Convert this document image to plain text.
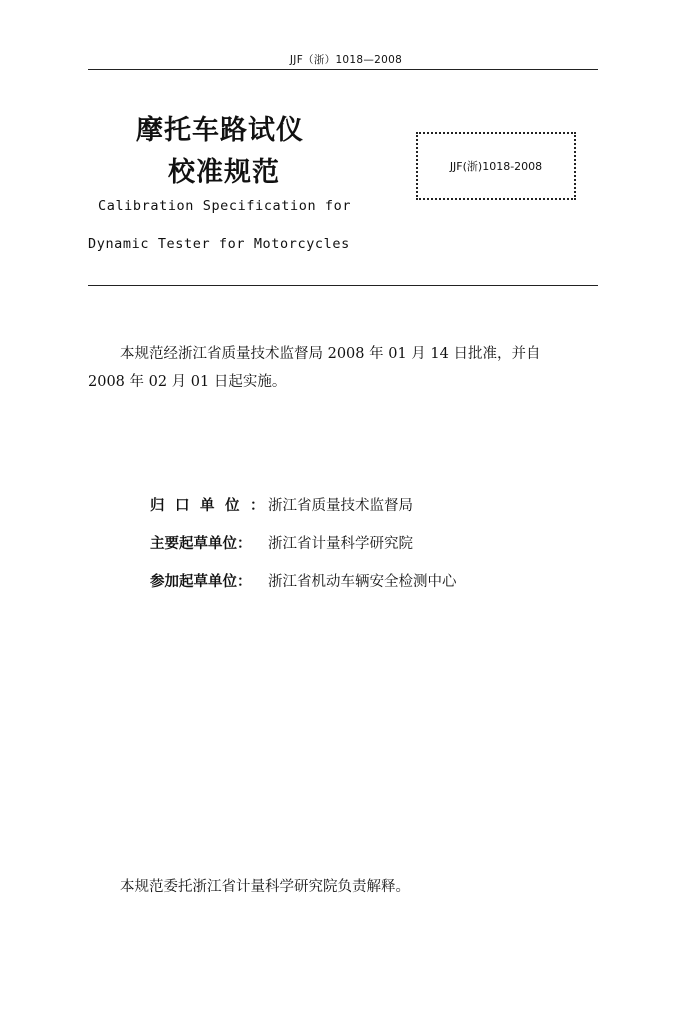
JJF（浙）1018—2008
摩托车路试仪
校准规范
Calibration Specification for
Dynamic Tester for Motorcycles
JJF(浙)1018-2008
本规范经浙江省质量技术监督局 2008 年 01 月 14 日批准，并自
2008 年 02 月 01 日起实施。
归口单位：
浙江省质量技术监督局
主要起草单位：	浙江省计量科学研究院
参加起草单位：	浙江省机动车辆安全检测中心
本规范委托浙江省计量科学研究院负责解释。
